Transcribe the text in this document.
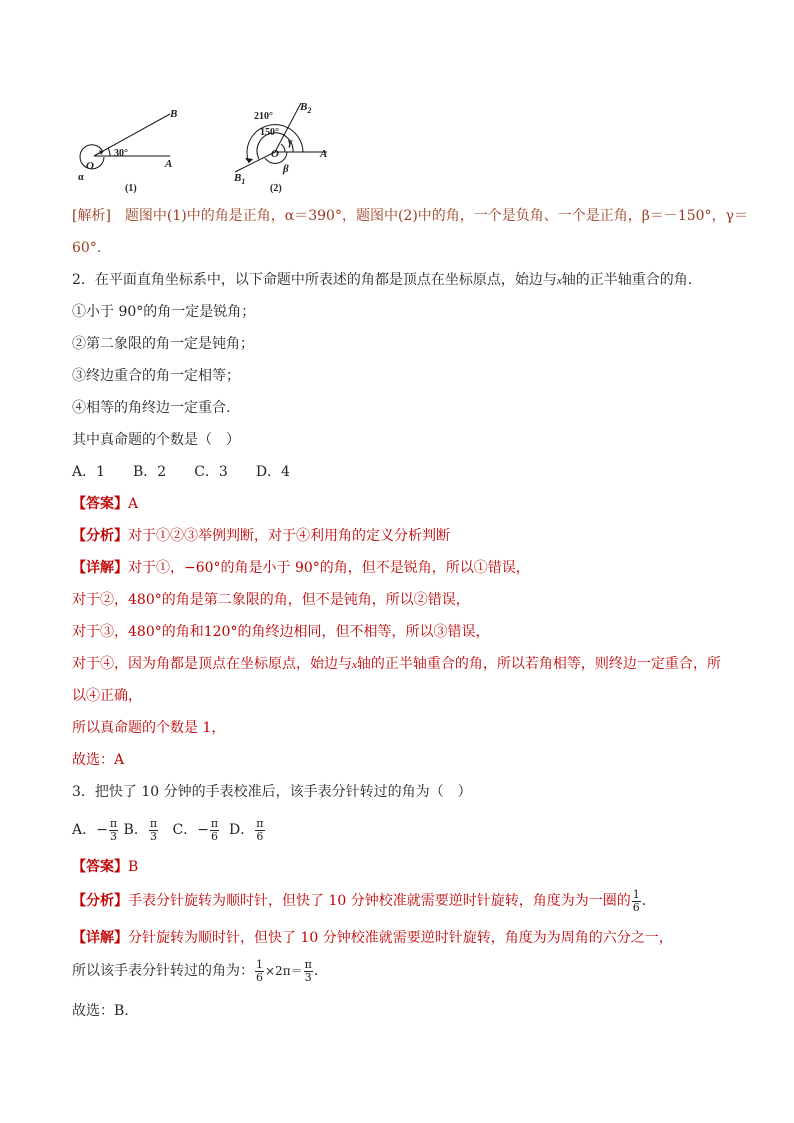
B
A
O
α
30°
(1)
$B_2$
$B_1$
A
O
γ
β
210°
150°
(2)
[解析]　题图中(1)中的角是正角，α＝390°，题图中(2)中的角，一个是负角、一个是正角，β＝－150°，γ＝
60°.
2．在平面直角坐标系中，以下命题中所表述的角都是顶点在坐标原点，始边与x轴的正半轴重合的角.
①小于 90°的角一定是锐角；
②第二象限的角一定是钝角；
③终边重合的角一定相等；
④相等的角终边一定重合.
其中真命题的个数是（　）
A．1　　B．2　　C．3　　D．4
【答案】A
【分析】对于①②③举例判断，对于④利用角的定义分析判断
【详解】对于①，−60°的角是小于 90°的角，但不是锐角，所以①错误，
对于②，480°的角是第二象限的角，但不是钝角，所以②错误，
对于③，480°的角和120°的角终边相同，但不相等，所以③错误，
对于④，因为角都是顶点在坐标原点，始边与x轴的正半轴重合的角，所以若角相等，则终边一定重合，所
以④正确，
所以真命题的个数是 1，
故选：A
3．把快了 10 分钟的手表校准后，该手表分针转过的角为（　）
A．− $\frac{\pi}{3}$ B． $\frac{\pi}{3}$ C．− $\frac{\pi}{6}$ D． $\frac{\pi}{6}$
【答案】B
【分析】手表分针旋转为顺时针，但快了 10 分钟校准就需要逆时针旋转，角度为为一圈的 $\frac{1}{6}$ .
【详解】分针旋转为顺时针，但快了 10 分钟校准就需要逆时针旋转，角度为为周角的六分之一，
所以该手表分针转过的角为： $\frac{1}{6} \times 2\pi= \frac{\pi}{3}$ .
故选：B.
